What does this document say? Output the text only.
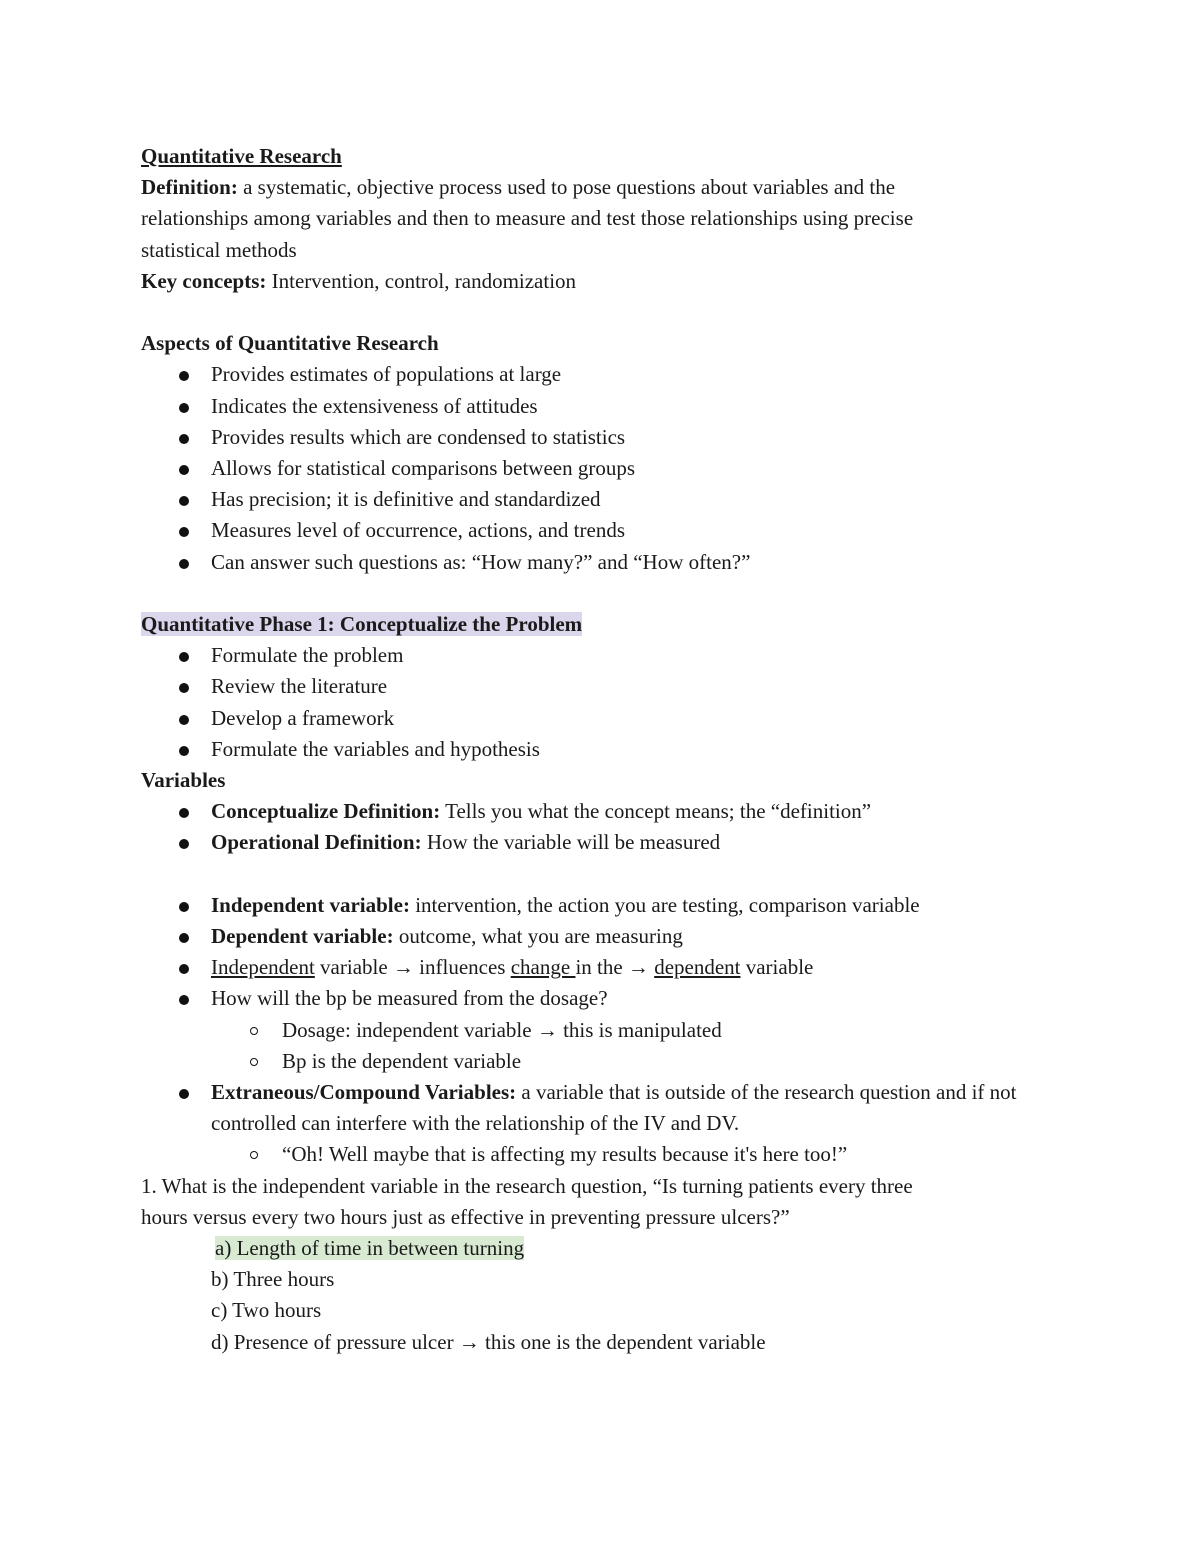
Quantitative Research
Definition: a systematic, objective process used to pose questions about variables and the
relationships among variables and then to measure and test those relationships using precise
statistical methods
Key concepts: Intervention, control, randomization
Aspects of Quantitative Research
Provides estimates of populations at large
Indicates the extensiveness of attitudes
Provides results which are condensed to statistics
Allows for statistical comparisons between groups
Has precision; it is definitive and standardized
Measures level of occurrence, actions, and trends
Can answer such questions as: “How many?” and “How often?”
Quantitative Phase 1: Conceptualize the Problem
Formulate the problem
Review the literature
Develop a framework
Formulate the variables and hypothesis
Variables
Conceptualize Definition: Tells you what the concept means; the “definition”
Operational Definition: How the variable will be measured
Independent variable: intervention, the action you are testing, comparison variable
Dependent variable: outcome, what you are measuring
Independent variable → influences change in the → dependent variable
How will the bp be measured from the dosage?
Dosage: independent variable → this is manipulated
Bp is the dependent variable
Extraneous/Compound Variables: a variable that is outside of the research question and if not controlled can interfere with the relationship of the IV and DV.
“Oh! Well maybe that is affecting my results because it's here too!”
1. What is the independent variable in the research question, “Is turning patients every three
hours versus every two hours just as effective in preventing pressure ulcers?”
a) Length of time in between turning
b) Three hours
c) Two hours
d) Presence of pressure ulcer → this one is the dependent variable
